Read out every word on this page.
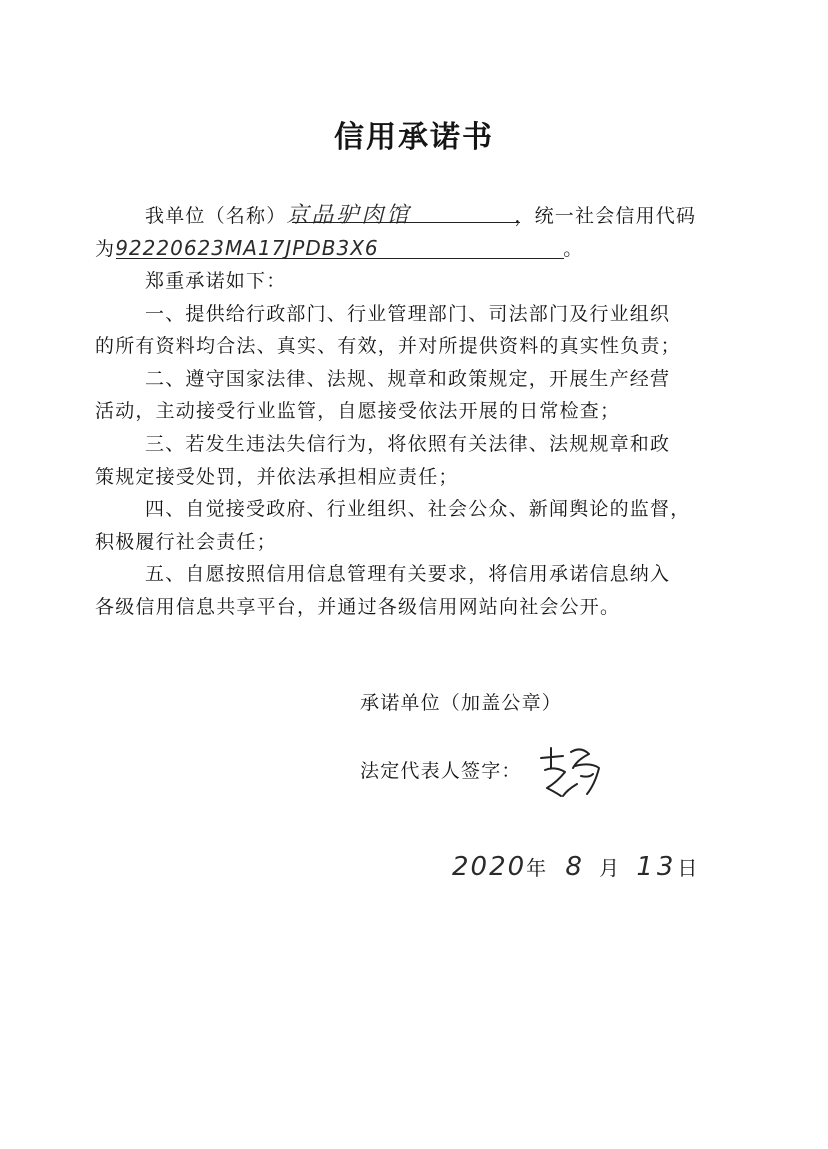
信用承诺书
我单位（名称）京品驴肉馆	，统一社会信用代码
为92220623MA17JPDB3X6	。
郑重承诺如下：
一、提供给行政部门、行业管理部门、司法部门及行业组织
的所有资料均合法、真实、有效，并对所提供资料的真实性负责；
二、遵守国家法律、法规、规章和政策规定，开展生产经营
活动，主动接受行业监管，自愿接受依法开展的日常检查；
三、若发生违法失信行为，将依照有关法律、法规规章和政
策规定接受处罚，并依法承担相应责任；
四、自觉接受政府、行业组织、社会公众、新闻舆论的监督，
积极履行社会责任；
五、自愿按照信用信息管理有关要求，将信用承诺信息纳入
各级信用信息共享平台，并通过各级信用网站向社会公开。
承诺单位（加盖公章）
法定代表人签字：
2020年 8 月 13日
